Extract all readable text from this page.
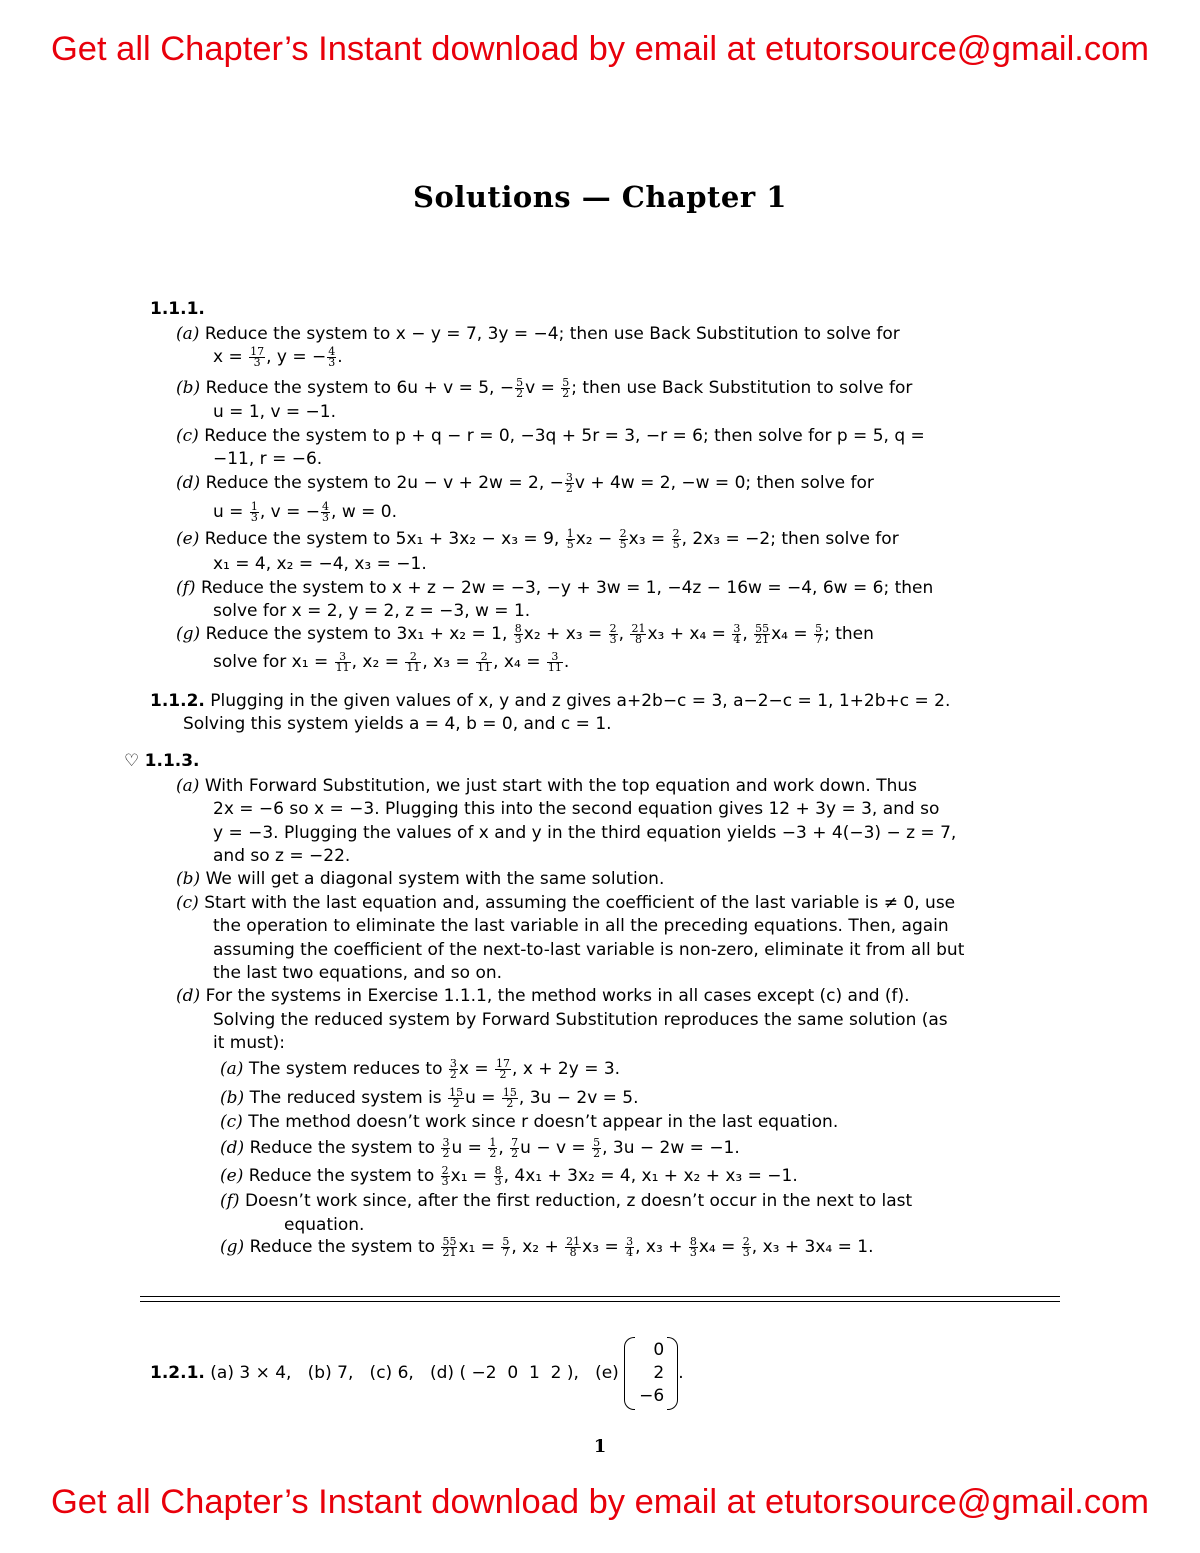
Get all Chapter’s Instant download by email at etutorsource@gmail.com
Solutions — Chapter 1
1.1.1.
(a) Reduce the system to x − y = 7, 3y = −4; then use Back Substitution to solve for
$x = \frac{17}{3}$ , y = − $\frac{4}{3}$ .
(b) Reduce the system to 6u + v = 5, − $\frac{5}{2}$ $v = \frac{5}{2}$ ; then use Back Substitution to solve for
u = 1, v = −1.
(c) Reduce the system to p + q − r = 0, −3q + 5r = 3, −r = 6; then solve for p = 5, q =
−11, r = −6.
(d) Reduce the system to 2u − v + 2w = 2, − $\frac{3}{2}$ v + 4w = 2, −w = 0; then solve for
$u = \frac{1}{3}$ , v = − $\frac{4}{3}$ , w = 0.
(e) Reduce the system to 5x₁ + 3x₂ − x₃ = 9, $\frac{1}{5} x_2 - \frac{2}{5} x_3 = \frac{2}{5}$ , 2x₃ = −2; then solve for
x₁ = 4, x₂ = −4, x₃ = −1.
(f) Reduce the system to x + z − 2w = −3, −y + 3w = 1, −4z − 16w = −4, 6w = 6; then
solve for x = 2, y = 2, z = −3, w = 1.
(g) Reduce the system to 3x₁ + x₂ = 1, $\frac{8}{3} x_2 + x_3 = \frac{2}{3}$ , $\frac{21}{8} x_3 + x_4 = \frac{3}{4}$ , $\frac{55}{21} x_4 = \frac{5}{7}$ ; then
solve for $x_1 = \frac{3}{11}$ , $x_2 = \frac{2}{11}$ , $x_3 = \frac{2}{11}$ , $x_4 = \frac{3}{11}$ .
1.1.2. Plugging in the given values of x, y and z gives a+2b−c = 3, a−2−c = 1, 1+2b+c = 2.
Solving this system yields a = 4, b = 0, and c = 1.
♡ 1.1.3.
(a) With Forward Substitution, we just start with the top equation and work down. Thus
2x = −6 so x = −3. Plugging this into the second equation gives 12 + 3y = 3, and so
y = −3. Plugging the values of x and y in the third equation yields −3 + 4(−3) − z = 7,
and so z = −22.
(b) We will get a diagonal system with the same solution.
(c) Start with the last equation and, assuming the coefficient of the last variable is ≠ 0, use
the operation to eliminate the last variable in all the preceding equations. Then, again
assuming the coefficient of the next-to-last variable is non-zero, eliminate it from all but
the last two equations, and so on.
(d) For the systems in Exercise 1.1.1, the method works in all cases except (c) and (f).
Solving the reduced system by Forward Substitution reproduces the same solution (as
it must):
(a) The system reduces to $\frac{3}{2}$ $x = \frac{17}{2}$ , x + 2y = 3.
(b) The reduced system is $\frac{15}{2}$ $u = \frac{15}{2}$ , 3u − 2v = 5.
(c) The method doesn’t work since r doesn’t appear in the last equation.
(d) Reduce the system to $\frac{3}{2}$ $u = \frac{1}{2}$ , $\frac{7}{2}$ $u - v = \frac{5}{2}$ , 3u − 2w = −1.
(e) Reduce the system to $\frac{2}{3} x_1 = \frac{8}{3}$ , 4x₁ + 3x₂ = 4, x₁ + x₂ + x₃ = −1.
(f) Doesn’t work since, after the first reduction, z doesn’t occur in the next to last
equation.
(g) Reduce the system to $\frac{55}{21} x_1 = \frac{5}{7}$ , $x_2 + \frac{21}{8} x_3 = \frac{3}{4}$ , $x_3 + \frac{8}{3} x_4 = \frac{2}{3}$ , x₃ + 3x₄ = 1.
1.2.1. (a) 3 × 4,   (b) 7,   (c) 6,   (d) ( −2  0  1  2 ),   (e)
0
2
−6
.
1
Get all Chapter’s Instant download by email at etutorsource@gmail.com
